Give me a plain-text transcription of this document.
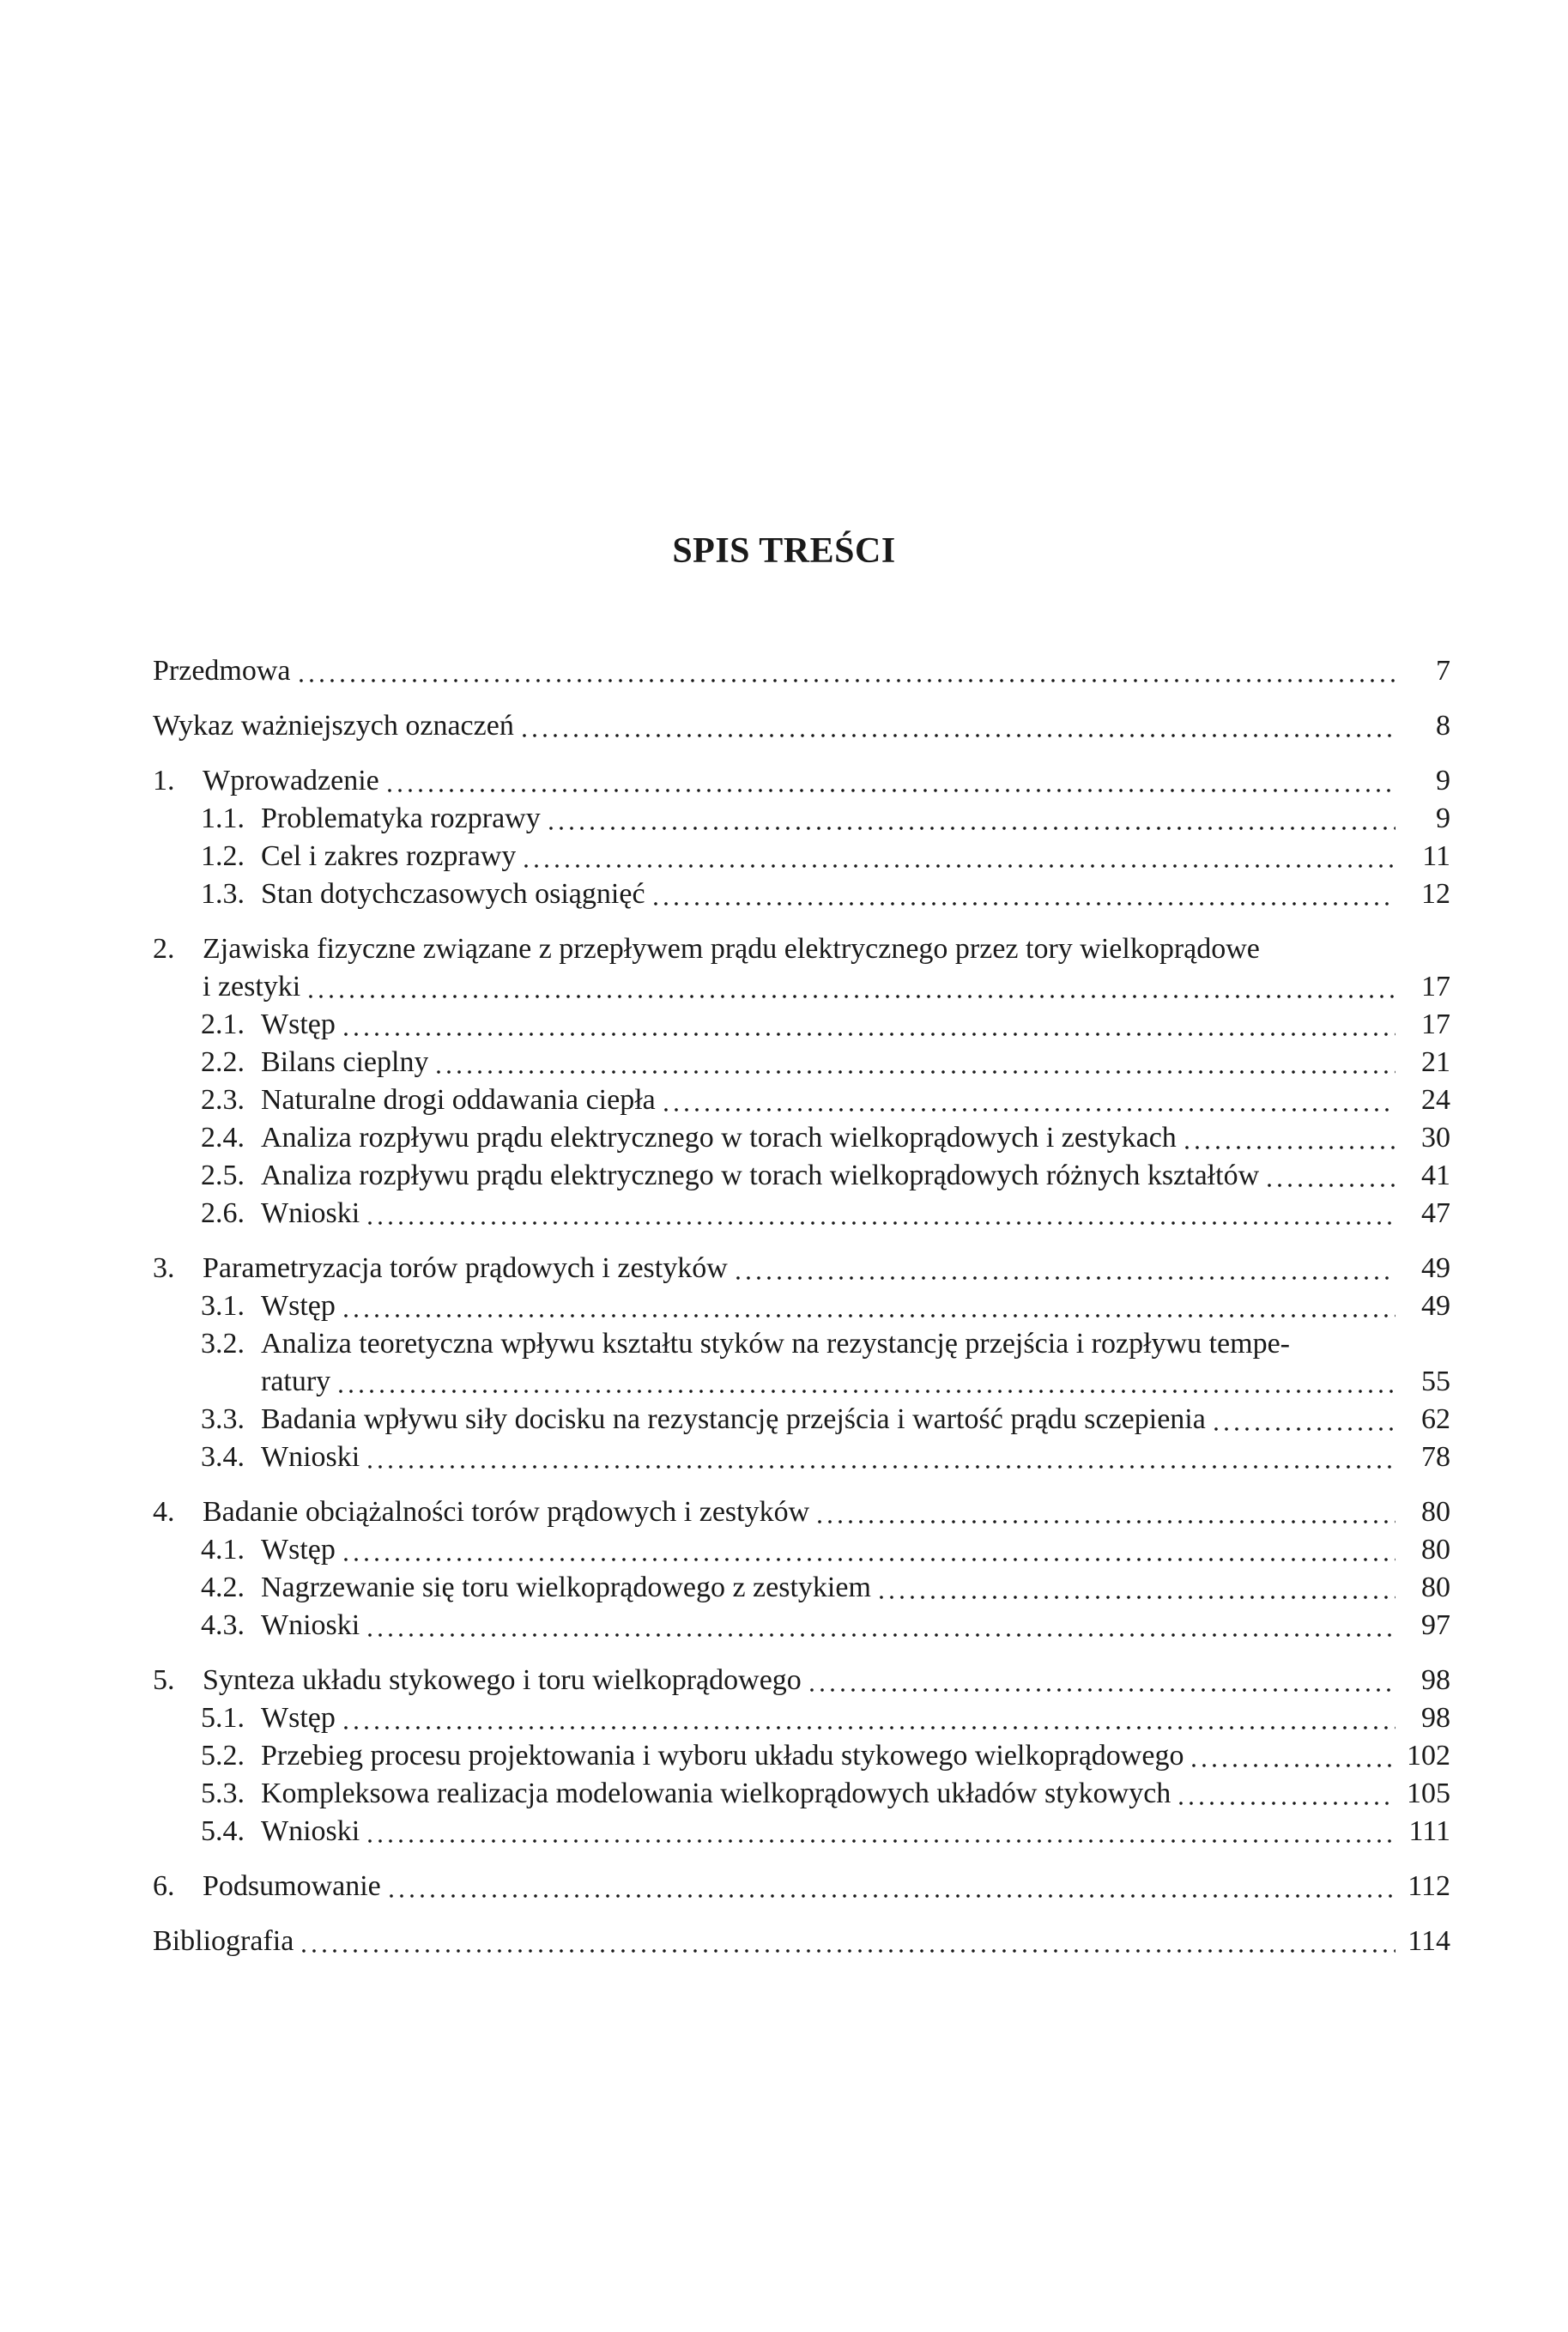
SPIS TREŚCI
Przedmowa	7
Wykaz ważniejszych oznaczeń	8
1. Wprowadzenie	9
1.1. Problematyka rozprawy	9
1.2. Cel i zakres rozprawy	11
1.3. Stan dotychczasowych osiągnięć	12
2. Zjawiska fizyczne związane z przepływem prądu elektrycznego przez tory wielkoprądowe
i zestyki	17
2.1. Wstęp	17
2.2. Bilans cieplny	21
2.3. Naturalne drogi oddawania ciepła	24
2.4. Analiza rozpływu prądu elektrycznego w torach wielkoprądowych i zestykach	30
2.5. Analiza rozpływu prądu elektrycznego w torach wielkoprądowych różnych kształtów	41
2.6. Wnioski	47
3. Parametryzacja torów prądowych i zestyków	49
3.1. Wstęp	49
3.2. Analiza teoretyczna wpływu kształtu styków na rezystancję przejścia i rozpływu tempe-
ratury	55
3.3. Badania wpływu siły docisku na rezystancję przejścia i wartość prądu sczepienia	62
3.4. Wnioski	78
4. Badanie obciążalności torów prądowych i zestyków	80
4.1. Wstęp	80
4.2. Nagrzewanie się toru wielkoprądowego z zestykiem	80
4.3. Wnioski	97
5. Synteza układu stykowego i toru wielkoprądowego	98
5.1. Wstęp	98
5.2. Przebieg procesu projektowania i wyboru układu stykowego wielkoprądowego	102
5.3. Kompleksowa realizacja modelowania wielkoprądowych układów stykowych	105
5.4. Wnioski	111
6. Podsumowanie	112
Bibliografia	114
